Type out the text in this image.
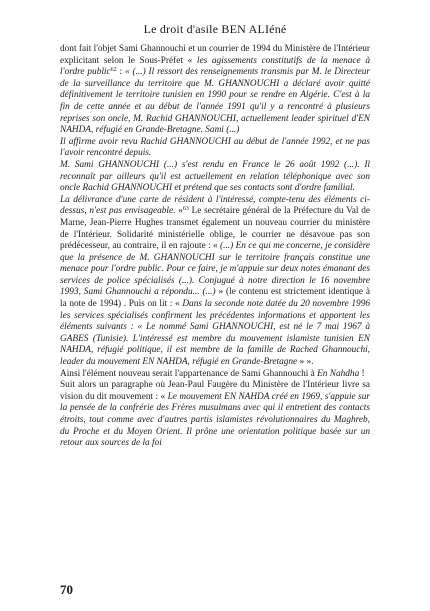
Le droit d'asile BEN ALIéné

dont fait l'objet Sami Ghannouchi et un courrier de 1994 du Ministère de l'Intérieur explicitant selon le Sous-Préfet « les agissements constitutifs de la menace à l'ordre public$^{62}$ : « (...) Il ressort des renseignements transmis par M. le Directeur de la surveillance du territoire que M. GHANNOUCHI a déclaré avoir quitté définitivement le territoire tunisien en 1990 pour se rendre en Algérie. C'est à la fin de cette année et au début de l'année 1991 qu'il y a rencontré à plusieurs reprises son oncle, M. Rachid GHANNOUCHI, actuellement leader spirituel d'EN NAHDA, réfugié en Grande-Bretagne. Sami (...)

Il affirme avoir revu Rachid GHANNOUCHI au début de l'année 1992, et ne pas l'avoir rencontré depuis.

M. Sami GHANNOUCHI (...) s'est rendu en France le 26 août 1992 (...). Il reconnaît par ailleurs qu'il est actuellement en relation téléphonique avec son oncle Rachid GHANNOUCHI et prétend que ses contacts sont d'ordre familial.

La délivrance d'une carte de résident à l'intéressé, compte-tenu des éléments ci-dessus, n'est pas envisageable. »$^{63}$ Le secrétaire général de la Préfecture du Val de Marne, Jean-Pierre Hughes transmet également un nouveau courrier du ministère de l'Intérieur. Solidarité ministérielle oblige, le courrier ne désavoue pas son prédécesseur, au contraire, il en rajoute : « (...) En ce qui me concerne, je considère que la présence de M. GHANNOUCHI sur le territoire français constitue une menace pour l'ordre public. Pour ce faire, je m'appuie sur deux notes émanant des services de police spécialisés (...). Conjugué à notre direction le 16 novembre 1993, Sami Ghannouchi a répondu... (...) » (le contenu est strictement identique à la note de 1994) . Puis on lit : « Dans la seconde note datée du 20 novembre 1996 les services spécialisés confirment les précédentes informations et apportent les éléments suivants : « Le nommé Sami GHANNOUCHI, est né le 7 mai 1967 à GABES (Tunisie). L'intéressé est membre du mouvement islamiste tunisien EN NAHDA, réfugié politique, il est membre de la famille de Rached Ghannouchi, leader du mouvement EN NAHDA, réfugié en Grande-Bretagne » ».

Ainsi l'élément nouveau serait l'appartenance de Sami Ghannouchi à En Nahdha !

Suit alors un paragraphe où Jean-Paul Faugère du Ministère de l'Intérieur livre sa vision du dit mouvement : « Le mouvement EN NAHDA créé en 1969, s'appuie sur la pensée de la confrérie des Frères musulmans avec qui il entretient des contacts étroits, tout comme avec d'autres partis islamistes révolutionnaires du Maghreb, du Proche et du Moyen Orient. Il prône une orientation politique basée sur un retour aux sources de la foi

70
